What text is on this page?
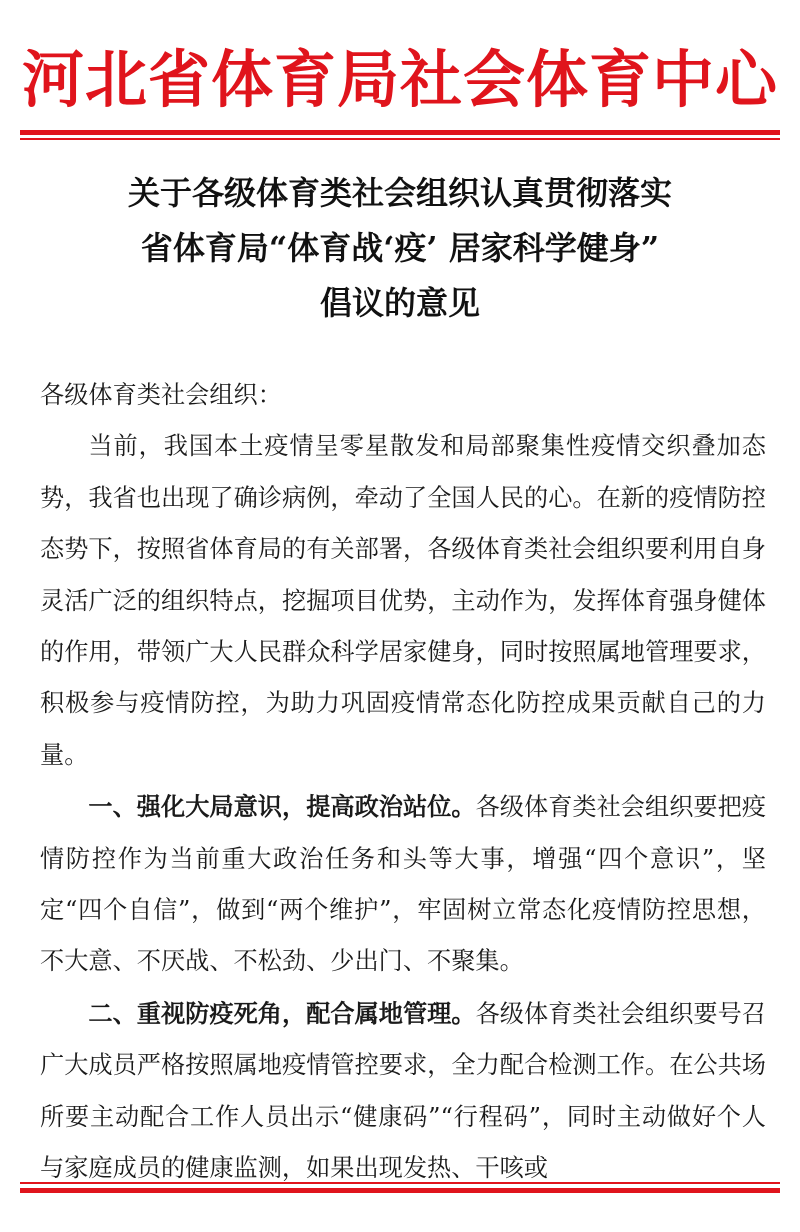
河北省体育局社会体育中心
关于各级体育类社会组织认真贯彻落实
省体育局“体育战‘疫’ 居家科学健身”
倡议的意见

各级体育类社会组织：

当前，我国本土疫情呈零星散发和局部聚集性疫情交织叠加态势，我省也出现了确诊病例，牵动了全国人民的心。在新的疫情防控态势下，按照省体育局的有关部署，各级体育类社会组织要利用自身灵活广泛的组织特点，挖掘项目优势，主动作为，发挥体育强身健体的作用，带领广大人民群众科学居家健身，同时按照属地管理要求，积极参与疫情防控，为助力巩固疫情常态化防控成果贡献自己的力量。

一、强化大局意识，提高政治站位。各级体育类社会组织要把疫情防控作为当前重大政治任务和头等大事，增强“四个意识”，坚定“四个自信”，做到“两个维护”，牢固树立常态化疫情防控思想，不大意、不厌战、不松劲、少出门、不聚集。

二、重视防疫死角，配合属地管理。各级体育类社会组织要号召广大成员严格按照属地疫情管控要求，全力配合检测工作。在公共场所要主动配合工作人员出示“健康码”“行程码”，同时主动做好个人与家庭成员的健康监测，如果出现发热、干咳或
